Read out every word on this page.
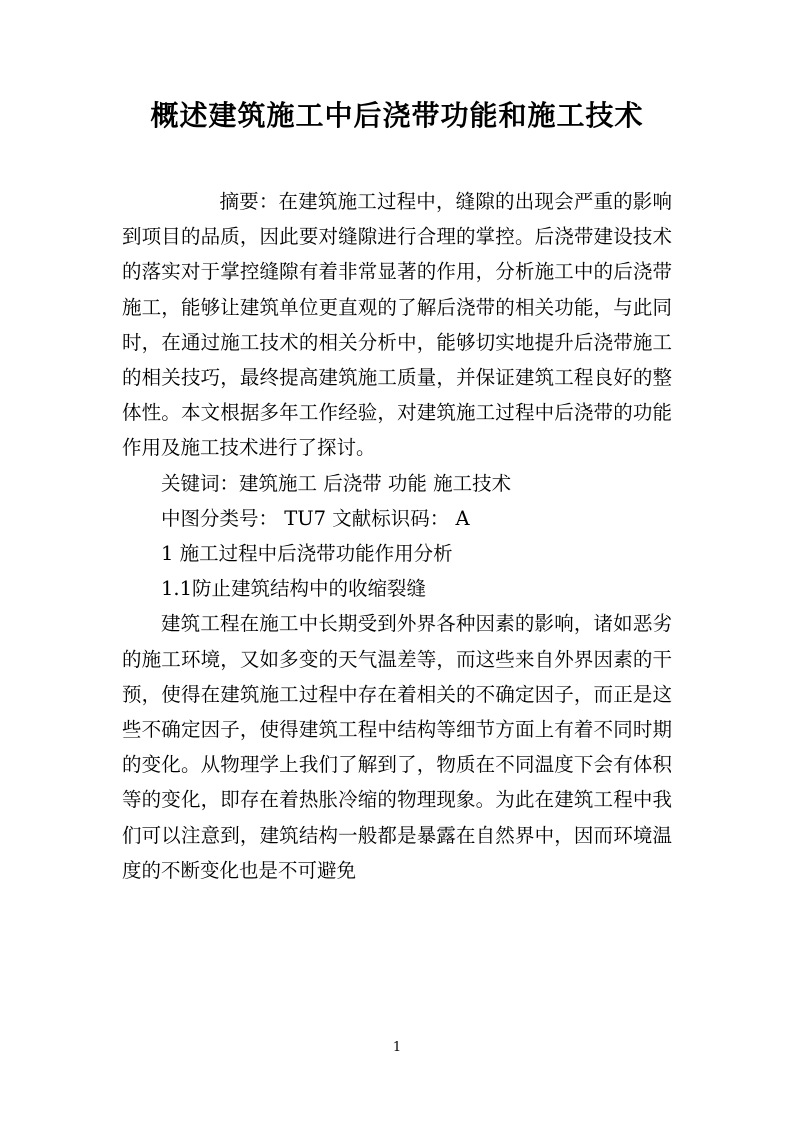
概述建筑施工中后浇带功能和施工技术

摘要：在建筑施工过程中，缝隙的出现会严重的影响到项目的品质，因此要对缝隙进行合理的掌控。后浇带建设技术的落实对于掌控缝隙有着非常显著的作用，分析施工中的后浇带施工，能够让建筑单位更直观的了解后浇带的相关功能，与此同时，在通过施工技术的相关分析中，能够切实地提升后浇带施工的相关技巧，最终提高建筑施工质量，并保证建筑工程良好的整体性。本文根据多年工作经验，对建筑施工过程中后浇带的功能作用及施工技术进行了探讨。

关键词：建筑施工 后浇带 功能 施工技术

中图分类号： TU7 文献标识码： A

1 施工过程中后浇带功能作用分析

1.1防止建筑结构中的收缩裂缝

建筑工程在施工中长期受到外界各种因素的影响，诸如恶劣的施工环境，又如多变的天气温差等，而这些来自外界因素的干预，使得在建筑施工过程中存在着相关的不确定因子，而正是这些不确定因子，使得建筑工程中结构等细节方面上有着不同时期的变化。从物理学上我们了解到了，物质在不同温度下会有体积等的变化，即存在着热胀冷缩的物理现象。为此在建筑工程中我们可以注意到，建筑结构一般都是暴露在自然界中，因而环境温度的不断变化也是不可避免

1
